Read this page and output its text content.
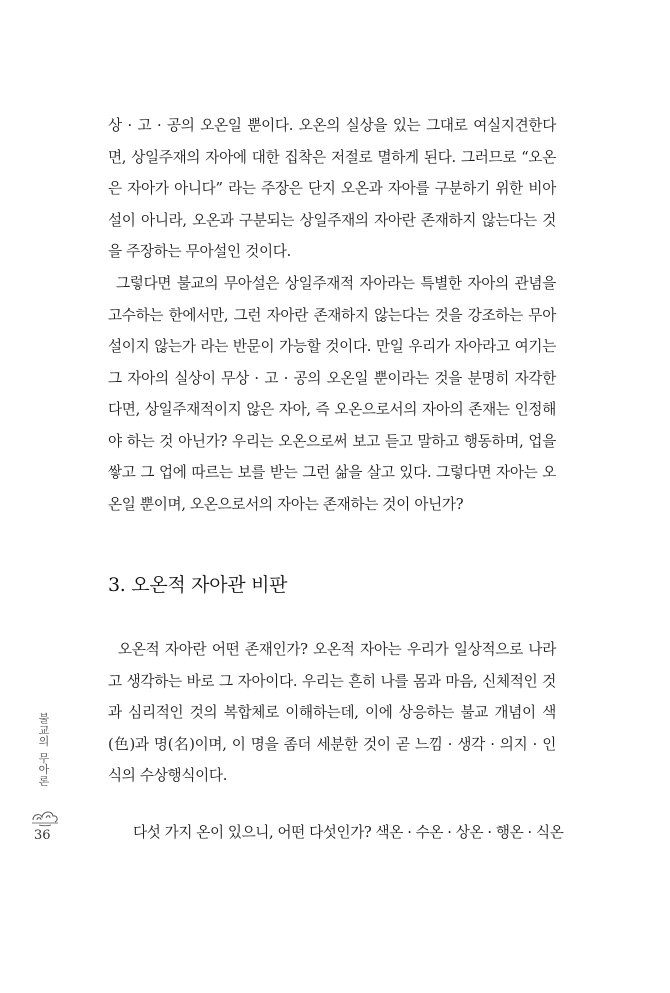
상 · 고 · 공의 오온일 뿐이다. 오온의 실상을 있는 그대로 여실지견한다
면, 상일주재의 자아에 대한 집착은 저절로 멸하게 된다. 그러므로 “오온
은 자아가 아니다” 라는 주장은 단지 오온과 자아를 구분하기 위한 비아
설이 아니라, 오온과 구분되는 상일주재의 자아란 존재하지 않는다는 것
을 주장하는 무아설인 것이다.
그렇다면 불교의 무아설은 상일주재적 자아라는 특별한 자아의 관념을
고수하는 한에서만, 그런 자아란 존재하지 않는다는 것을 강조하는 무아
설이지 않는가 라는 반문이 가능할 것이다. 만일 우리가 자아라고 여기는
그 자아의 실상이 무상 · 고 · 공의 오온일 뿐이라는 것을 분명히 자각한
다면, 상일주재적이지 않은 자아, 즉 오온으로서의 자아의 존재는 인정해
야 하는 것 아닌가? 우리는 오온으로써 보고 듣고 말하고 행동하며, 업을
쌓고 그 업에 따르는 보를 받는 그런 삶을 살고 있다. 그렇다면 자아는 오
온일 뿐이며, 오온으로서의 자아는 존재하는 것이 아닌가?
3. 오온적 자아관 비판
오온적 자아란 어떤 존재인가? 오온적 자아는 우리가 일상적으로 나라
고 생각하는 바로 그 자아이다. 우리는 흔히 나를 몸과 마음, 신체적인 것
과 심리적인 것의 복합체로 이해하는데, 이에 상응하는 불교 개념이 색
(色)과 명(名)이며, 이 명을 좀더 세분한 것이 곧 느낌 · 생각 · 의지 · 인
식의 수상행식이다.
다섯 가지 온이 있으니, 어떤 다섯인가? 색온 · 수온 · 상온 · 행온 · 식온
불
교
의
무
아
론
36
